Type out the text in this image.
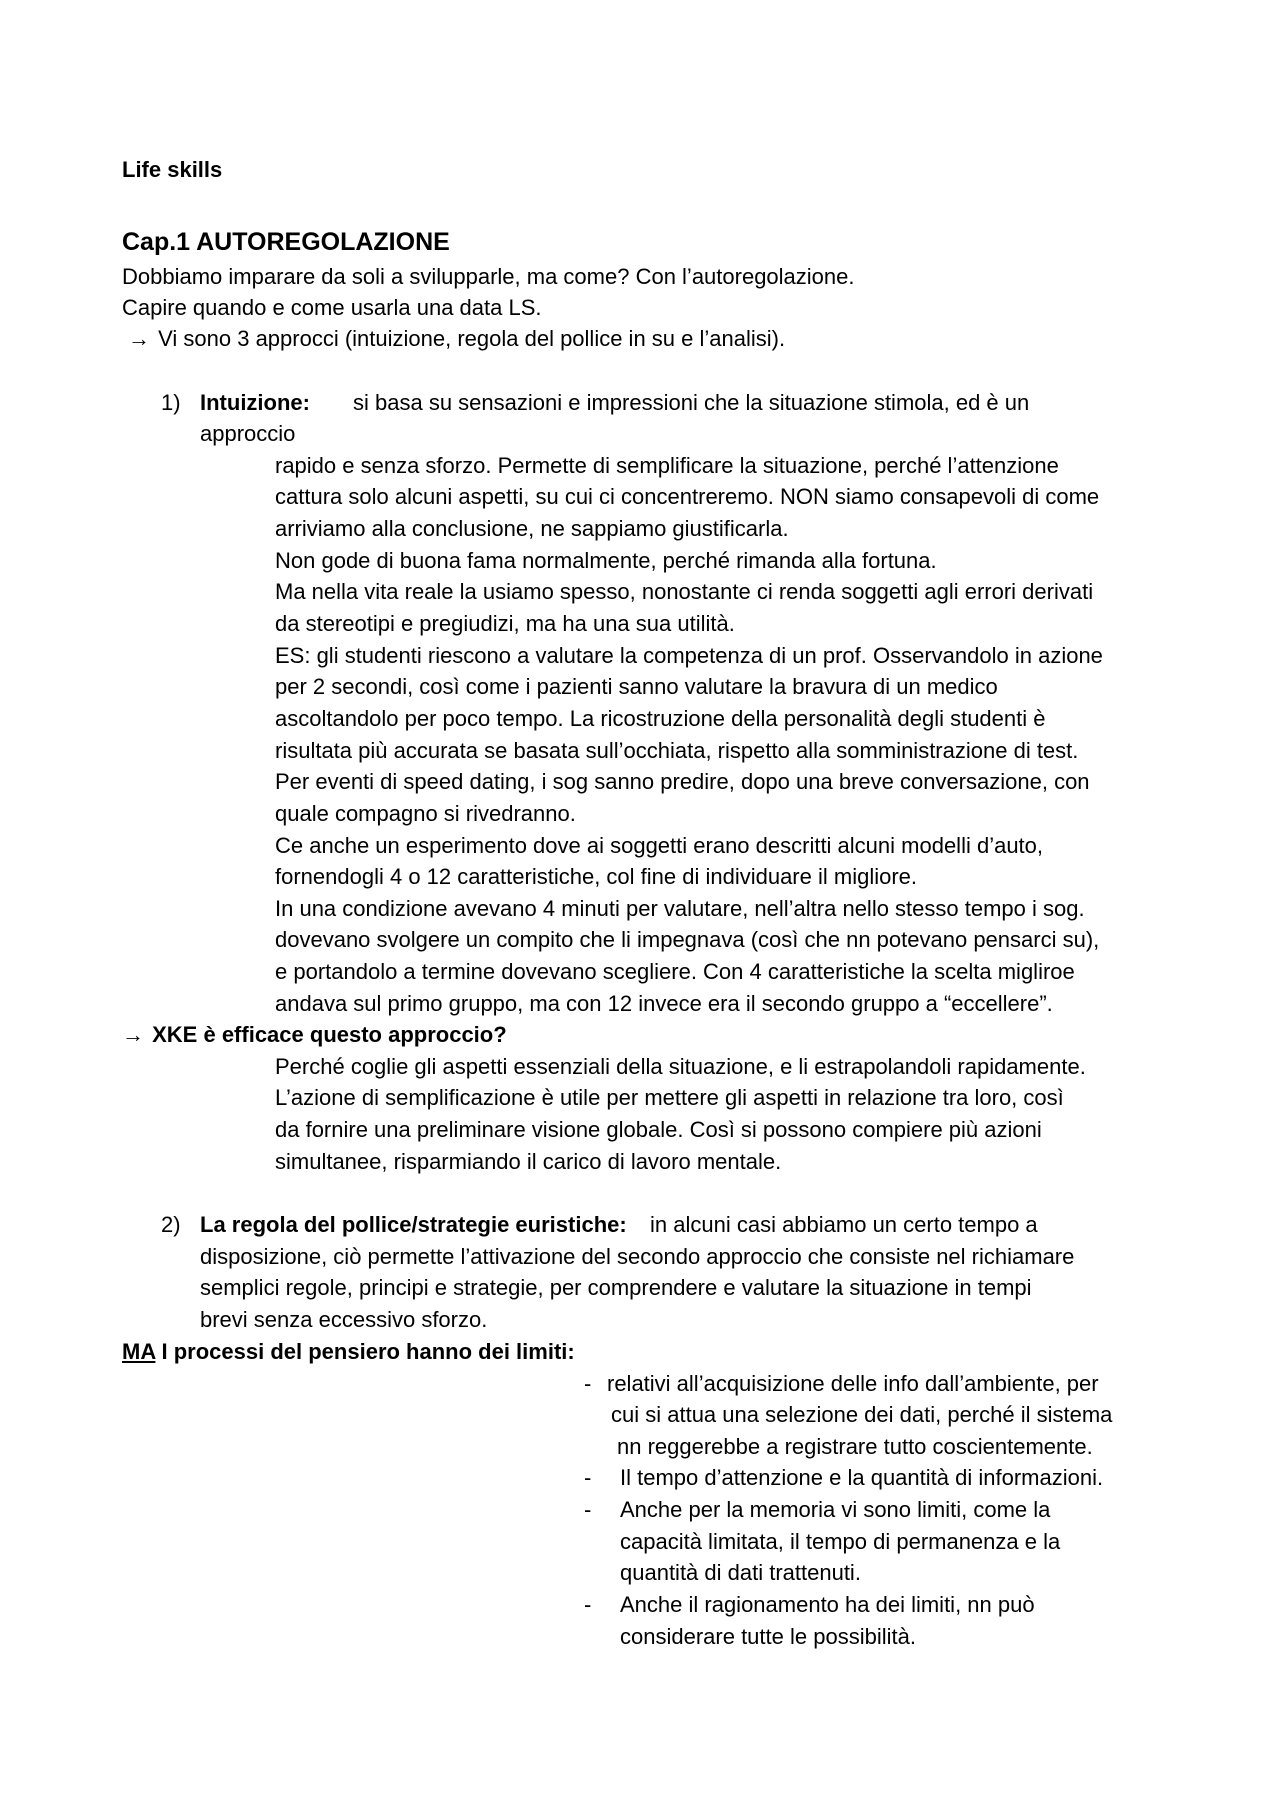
Life skills
Cap.1 AUTOREGOLAZIONE
Dobbiamo imparare da soli a svilupparle, ma come? Con l’autoregolazione.
Capire quando e come usarla una data LS.
→ Vi sono 3 approcci (intuizione, regola del pollice in su e l’analisi).
1) Intuizione: si basa su sensazioni e impressioni che la situazione stimola, ed è un
approccio
rapido e senza sforzo. Permette di semplificare la situazione, perché l’attenzione
cattura solo alcuni aspetti, su cui ci concentreremo. NON siamo consapevoli di come
arriviamo alla conclusione, ne sappiamo giustificarla.
Non gode di buona fama normalmente, perché rimanda alla fortuna.
Ma nella vita reale la usiamo spesso, nonostante ci renda soggetti agli errori derivati
da stereotipi e pregiudizi, ma ha una sua utilità.
ES: gli studenti riescono a valutare la competenza di un prof. Osservandolo in azione
per 2 secondi, così come i pazienti sanno valutare la bravura di un medico
ascoltandolo per poco tempo. La ricostruzione della personalità degli studenti è
risultata più accurata se basata sull’occhiata, rispetto alla somministrazione di test.
Per eventi di speed dating, i sog sanno predire, dopo una breve conversazione, con
quale compagno si rivedranno.
Ce anche un esperimento dove ai soggetti erano descritti alcuni modelli d’auto,
fornendogli 4 o 12 caratteristiche, col fine di individuare il migliore.
In una condizione avevano 4 minuti per valutare, nell’altra nello stesso tempo i sog.
dovevano svolgere un compito che li impegnava (così che nn potevano pensarci su),
e portandolo a termine dovevano scegliere. Con 4 caratteristiche la scelta migliroe
andava sul primo gruppo, ma con 12 invece era il secondo gruppo a “eccellere”.
→ XKE è efficace questo approccio?
Perché coglie gli aspetti essenziali della situazione, e li estrapolandoli rapidamente.
L’azione di semplificazione è utile per mettere gli aspetti in relazione tra loro, così
da fornire una preliminare visione globale. Così si possono compiere più azioni
simultanee, risparmiando il carico di lavoro mentale.
2) La regola del pollice/strategie euristiche: in alcuni casi abbiamo un certo tempo a
disposizione, ciò permette l’attivazione del secondo approccio che consiste nel richiamare
semplici regole, principi e strategie, per comprendere e valutare la situazione in tempi
brevi senza eccessivo sforzo.
MA I processi del pensiero hanno dei limiti:
- relativi all’acquisizione delle info dall’ambiente, per
cui si attua una selezione dei dati, perché il sistema
nn reggerebbe a registrare tutto coscientemente.
- Il tempo d’attenzione e la quantità di informazioni.
- Anche per la memoria vi sono limiti, come la
capacità limitata, il tempo di permanenza e la
quantità di dati trattenuti.
- Anche il ragionamento ha dei limiti, nn può
considerare tutte le possibilità.
